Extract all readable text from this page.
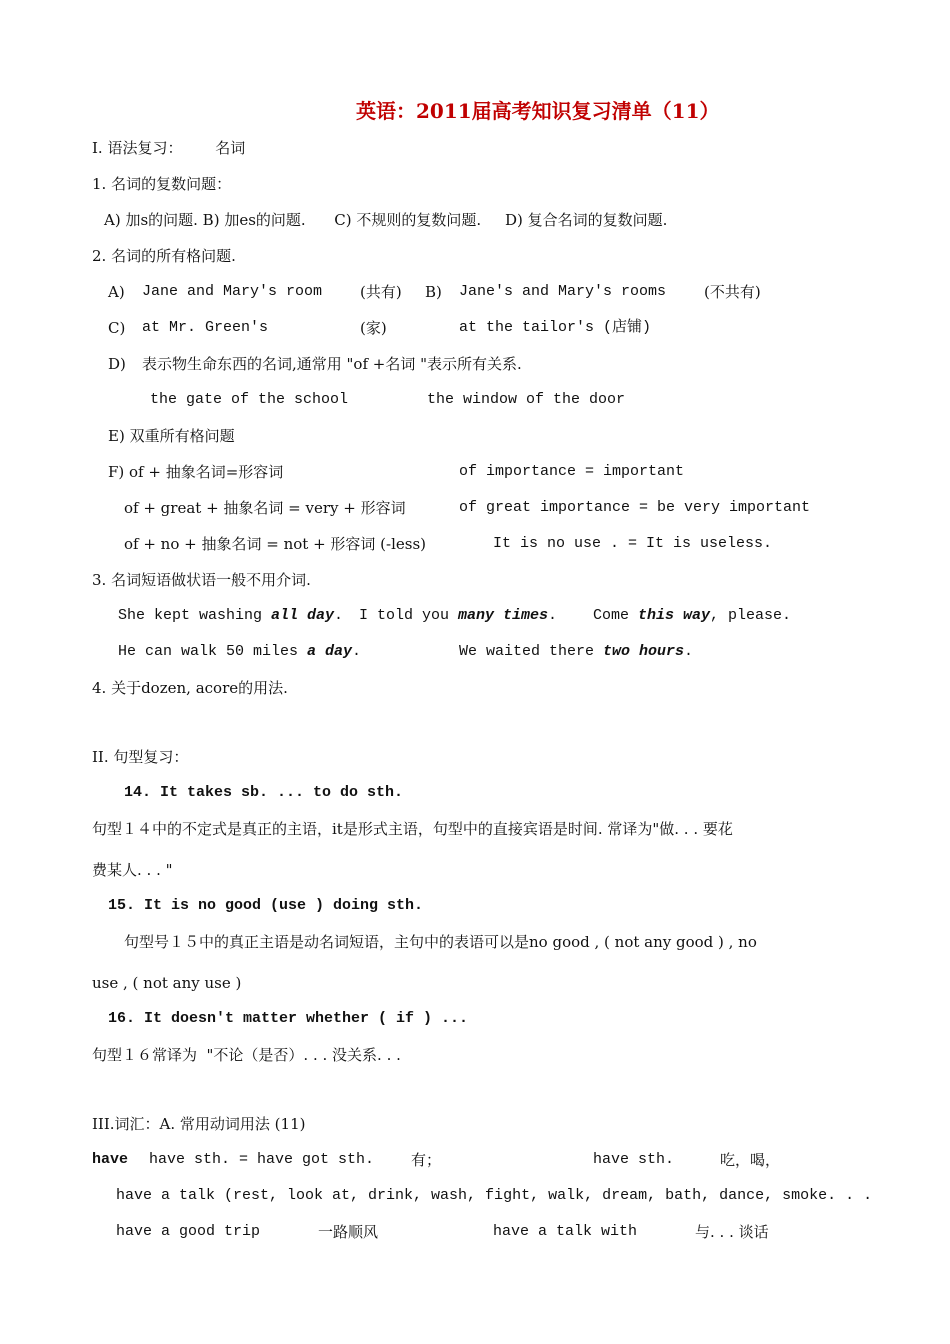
英语：2011届高考知识复习清单（11）
I. 语法复习： 名词
1. 名词的复数问题：
A) 加s的问题. B) 加es的问题.      C) 不规则的复数问题.     D) 复合名词的复数问题.
2. 名词的所有格问题.
A) Jane and Mary's room	(共有) B) Jane's and Mary's rooms	(不共有)
C) at Mr. Green's	(家)	at the tailor's (店铺)
D) 表示物生命东西的名词,通常用 "of +名词 "表示所有关系.
the gate of the school	the window of the door
E) 双重所有格问题
F) of + 抽象名词=形容词	of importance = important
of + great + 抽象名词 = very + 形容词	of great importance = be very important
of + no + 抽象名词 = not + 形容词 (-less)	It is no use . = It is useless.
3. 名词短语做状语一般不用介词.
She kept washing all day. I told you many times. Come this way, please.
He can walk 50 miles a day.	We waited there two hours.
4. 关于dozen, acore的用法.
II. 句型复习：
14. It takes sb. ... to do sth.
句型１４中的不定式是真正的主语，it是形式主语，句型中的直接宾语是时间. 常译为"做. . . 要花
费某人. . . "
15. It is no good (use ) doing sth.
句型号１５中的真正主语是动名词短语，主句中的表语可以是no good , ( not any good ) , no
use , ( not any use )
16. It doesn't matter whether ( if ) ...
句型１６常译为  "不论（是否）. . . 没关系. . .
III.词汇：A. 常用动词用法 (11)
have have sth. = have got sth. 有；	have sth.	吃，喝，
have a talk (rest, look at, drink, wash, fight, walk, dream, bath, dance, smoke. . .
have a good trip	一路顺风	have a talk with	与. . . 谈话
